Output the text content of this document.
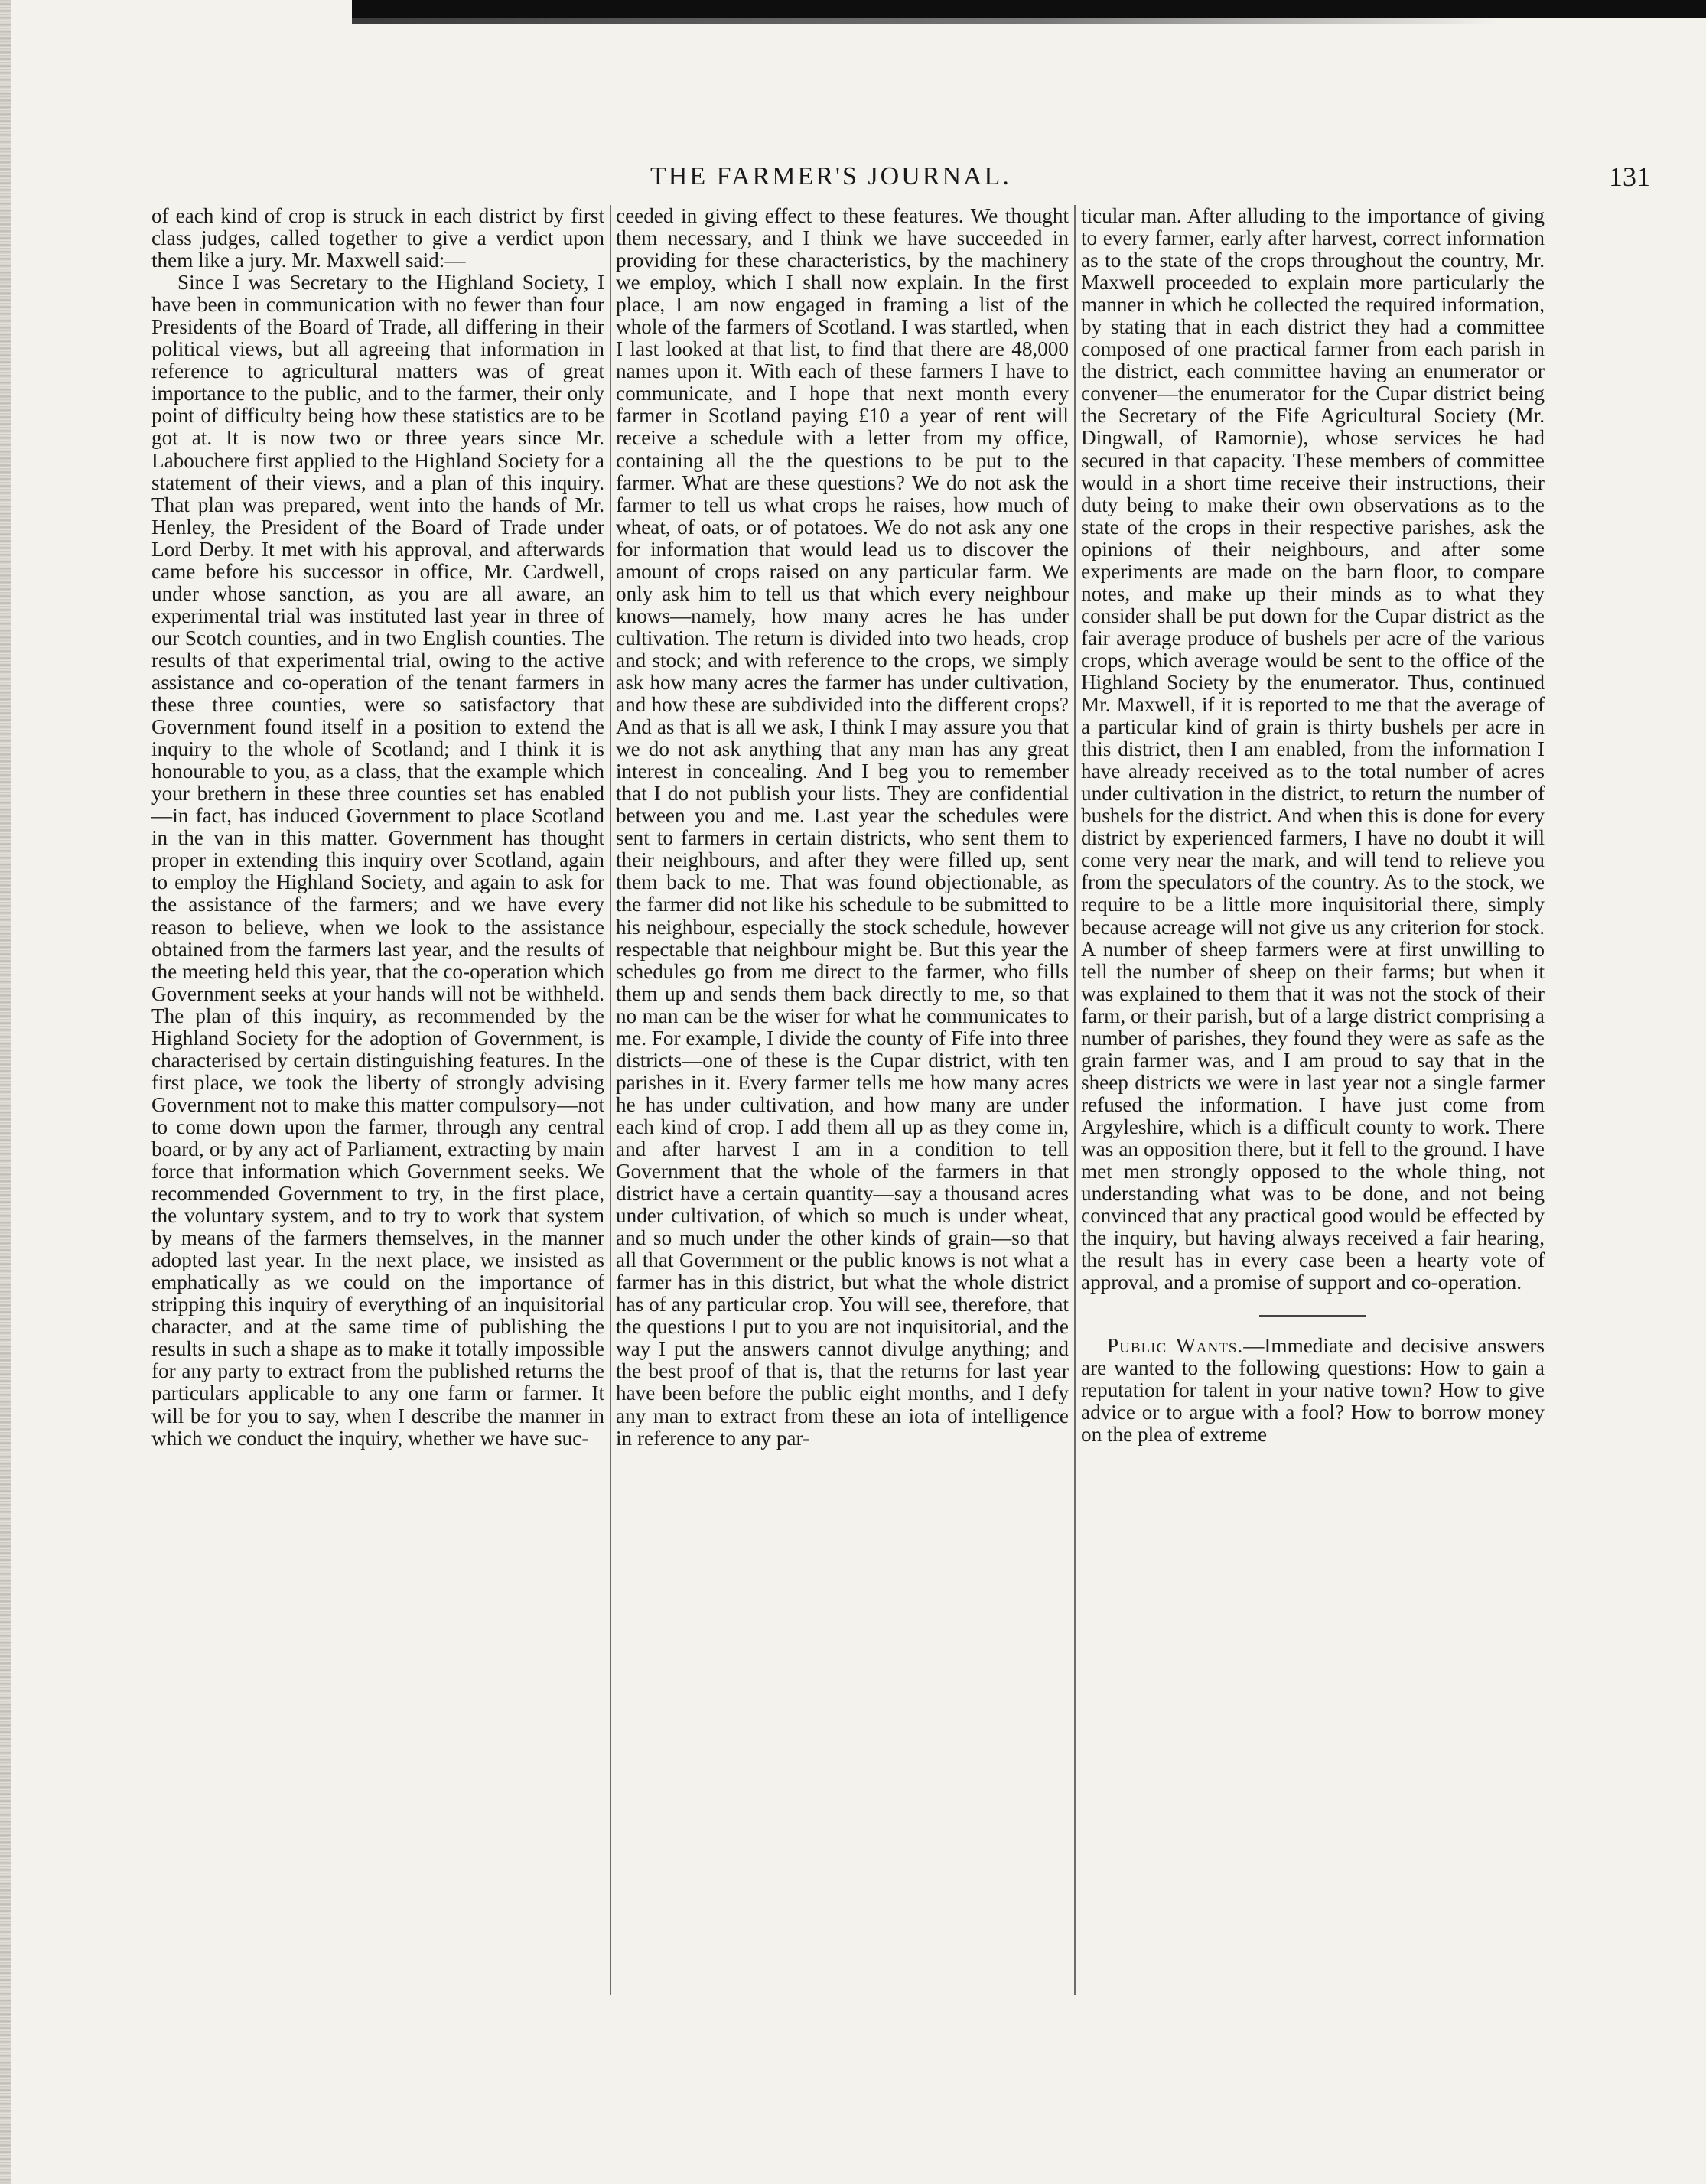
THE FARMER'S JOURNAL.	131

of each kind of crop is struck in each district by first class judges, called together to give a verdict upon them like a jury. Mr. Maxwell said:—

Since I was Secretary to the Highland Society, I have been in communication with no fewer than four Presidents of the Board of Trade, all differing in their political views, but all agreeing that information in reference to agricultural matters was of great importance to the public, and to the farmer, their only point of difficulty being how these statistics are to be got at. It is now two or three years since Mr. Labouchere first applied to the Highland Society for a statement of their views, and a plan of this inquiry. That plan was prepared, went into the hands of Mr. Henley, the President of the Board of Trade under Lord Derby. It met with his approval, and afterwards came before his successor in office, Mr. Cardwell, under whose sanction, as you are all aware, an experimental trial was instituted last year in three of our Scotch counties, and in two English counties. The results of that experimental trial, owing to the active assistance and co-operation of the tenant farmers in these three counties, were so satisfactory that Government found itself in a position to extend the inquiry to the whole of Scotland; and I think it is honourable to you, as a class, that the example which your brethern in these three counties set has enabled—in fact, has induced Government to place Scotland in the van in this matter. Government has thought proper in extending this inquiry over Scotland, again to employ the Highland Society, and again to ask for the assistance of the farmers; and we have every reason to believe, when we look to the assistance obtained from the farmers last year, and the results of the meeting held this year, that the co-operation which Government seeks at your hands will not be withheld. The plan of this inquiry, as recommended by the Highland Society for the adoption of Government, is characterised by certain distinguishing features. In the first place, we took the liberty of strongly advising Government not to make this matter compulsory—not to come down upon the farmer, through any central board, or by any act of Parliament, extracting by main force that information which Government seeks. We recommended Government to try, in the first place, the voluntary system, and to try to work that system by means of the farmers themselves, in the manner adopted last year. In the next place, we insisted as emphatically as we could on the importance of stripping this inquiry of everything of an inquisitorial character, and at the same time of publishing the results in such a shape as to make it totally impossible for any party to extract from the published returns the particulars applicable to any one farm or farmer. It will be for you to say, when I describe the manner in which we conduct the inquiry, whether we have suc-

ceeded in giving effect to these features. We thought them necessary, and I think we have succeeded in providing for these characteristics, by the machinery we employ, which I shall now explain. In the first place, I am now engaged in framing a list of the whole of the farmers of Scotland. I was startled, when I last looked at that list, to find that there are 48,000 names upon it. With each of these farmers I have to communicate, and I hope that next month every farmer in Scotland paying £10 a year of rent will receive a schedule with a letter from my office, containing all the the questions to be put to the farmer. What are these questions? We do not ask the farmer to tell us what crops he raises, how much of wheat, of oats, or of potatoes. We do not ask any one for information that would lead us to discover the amount of crops raised on any particular farm. We only ask him to tell us that which every neighbour knows—namely, how many acres he has under cultivation. The return is divided into two heads, crop and stock; and with reference to the crops, we simply ask how many acres the farmer has under cultivation, and how these are subdivided into the different crops? And as that is all we ask, I think I may assure you that we do not ask anything that any man has any great interest in concealing. And I beg you to remember that I do not publish your lists. They are confidential between you and me. Last year the schedules were sent to farmers in certain districts, who sent them to their neighbours, and after they were filled up, sent them back to me. That was found objectionable, as the farmer did not like his schedule to be submitted to his neighbour, especially the stock schedule, however respectable that neighbour might be. But this year the schedules go from me direct to the farmer, who fills them up and sends them back directly to me, so that no man can be the wiser for what he communicates to me. For example, I divide the county of Fife into three districts—one of these is the Cupar district, with ten parishes in it. Every farmer tells me how many acres he has under cultivation, and how many are under each kind of crop. I add them all up as they come in, and after harvest I am in a condition to tell Government that the whole of the farmers in that district have a certain quantity—say a thousand acres under cultivation, of which so much is under wheat, and so much under the other kinds of grain—so that all that Government or the public knows is not what a farmer has in this district, but what the whole district has of any particular crop. You will see, therefore, that the questions I put to you are not inquisitorial, and the way I put the answers cannot divulge anything; and the best proof of that is, that the returns for last year have been before the public eight months, and I defy any man to extract from these an iota of intelligence in reference to any par-

ticular man. After alluding to the importance of giving to every farmer, early after harvest, correct information as to the state of the crops throughout the country, Mr. Maxwell proceeded to explain more particularly the manner in which he collected the required information, by stating that in each district they had a committee composed of one practical farmer from each parish in the district, each committee having an enumerator or convener—the enumerator for the Cupar district being the Secretary of the Fife Agricultural Society (Mr. Dingwall, of Ramornie), whose services he had secured in that capacity. These members of committee would in a short time receive their instructions, their duty being to make their own observations as to the state of the crops in their respective parishes, ask the opinions of their neighbours, and after some experiments are made on the barn floor, to compare notes, and make up their minds as to what they consider shall be put down for the Cupar district as the fair average produce of bushels per acre of the various crops, which average would be sent to the office of the Highland Society by the enumerator. Thus, continued Mr. Maxwell, if it is reported to me that the average of a particular kind of grain is thirty bushels per acre in this district, then I am enabled, from the information I have already received as to the total number of acres under cultivation in the district, to return the number of bushels for the district. And when this is done for every district by experienced farmers, I have no doubt it will come very near the mark, and will tend to relieve you from the speculators of the country. As to the stock, we require to be a little more inquisitorial there, simply because acreage will not give us any criterion for stock. A number of sheep farmers were at first unwilling to tell the number of sheep on their farms; but when it was explained to them that it was not the stock of their farm, or their parish, but of a large district comprising a number of parishes, they found they were as safe as the grain farmer was, and I am proud to say that in the sheep districts we were in last year not a single farmer refused the information. I have just come from Argyleshire, which is a difficult county to work. There was an opposition there, but it fell to the ground. I have met men strongly opposed to the whole thing, not understanding what was to be done, and not being convinced that any practical good would be effected by the inquiry, but having always received a fair hearing, the result has in every case been a hearty vote of approval, and a promise of support and co-operation.

Public Wants.—Immediate and decisive answers are wanted to the following questions: How to gain a reputation for talent in your native town? How to give advice or to argue with a fool? How to borrow money on the plea of extreme
